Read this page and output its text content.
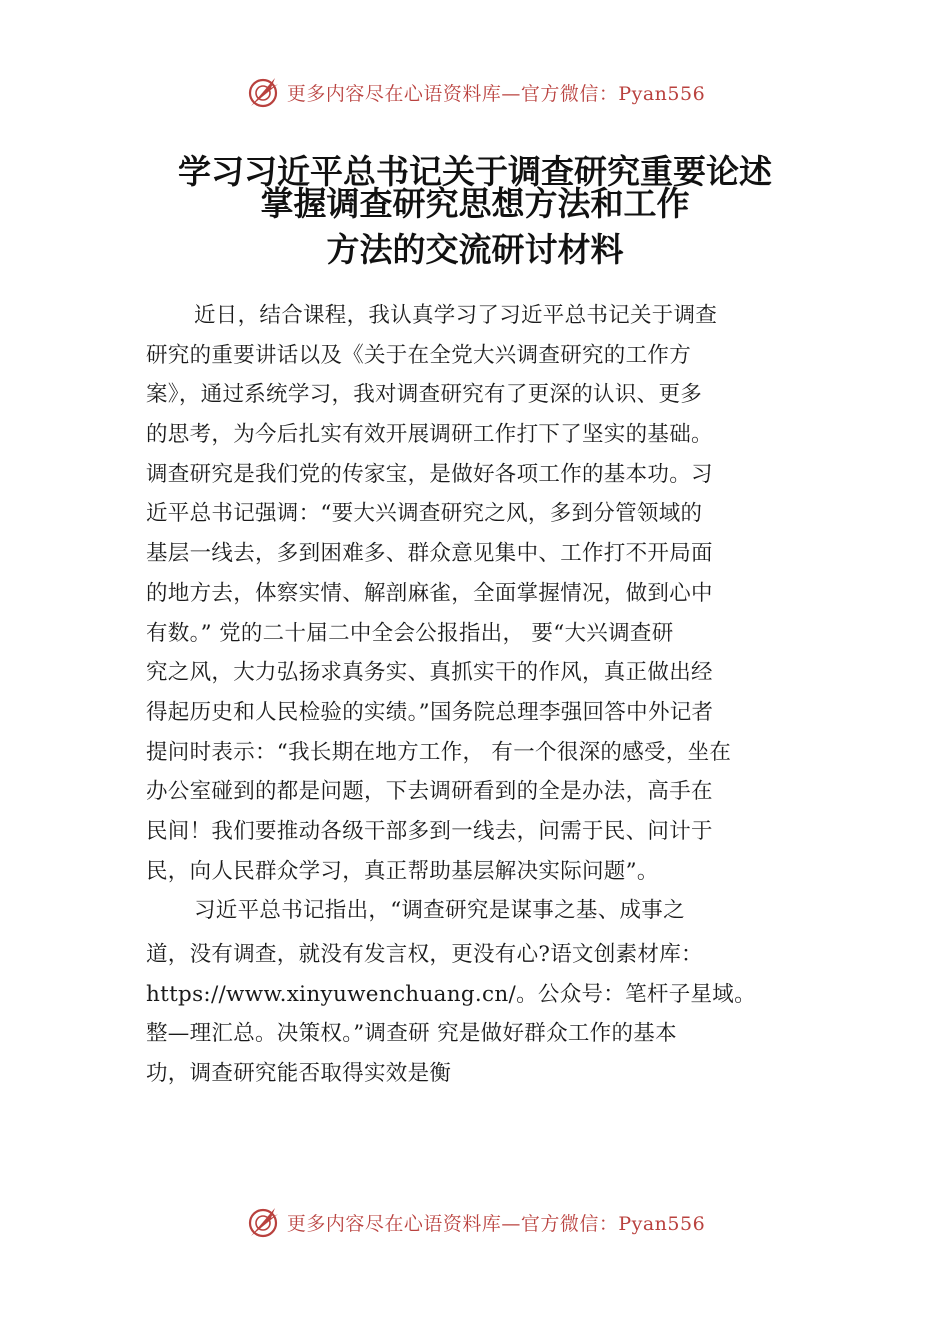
更多内容尽在心语资料库—官方微信：Pyan556
学习习近平总书记关于调查研究重要论述
掌握调查研究思想方法和工作
方法的交流研讨材料
近日，结合课程，我认真学习了习近平总书记关于调查
研究的重要讲话以及《关于在全党大兴调查研究的工作方
案》，通过系统学习，我对调查研究有了更深的认识、更多
的思考，为今后扎实有效开展调研工作打下了坚实的基础。
调查研究是我们党的传家宝，是做好各项工作的基本功。习
近平总书记强调：“要大兴调查研究之风，多到分管领域的
基层一线去，多到困难多、群众意见集中、工作打不开局面
的地方去，体察实情、解剖麻雀，全面掌握情况，做到心中
有数。” 党的二十届二中全会公报指出， 要“大兴调查研
究之风，大力弘扬求真务实、真抓实干的作风，真正做出经
得起历史和人民检验的实绩。”国务院总理李强回答中外记者
提问时表示：“我长期在地方工作， 有一个很深的感受，坐在
办公室碰到的都是问题，下去调研看到的全是办法，高手在
民间！我们要推动各级干部多到一线去，问需于民、问计于
民，向人民群众学习，真正帮助基层解决实际问题”。
习近平总书记指出，“调查研究是谋事之基、成事之
道，没有调查，就没有发言权，更没有心?语文创素材库：
https://www.xinyuwenchuang.cn/。公众号：笔杆子星域。
整—理汇总。决策权。”调查研 究是做好群众工作的基本
功，调查研究能否取得实效是衡
更多内容尽在心语资料库—官方微信：Pyan556
